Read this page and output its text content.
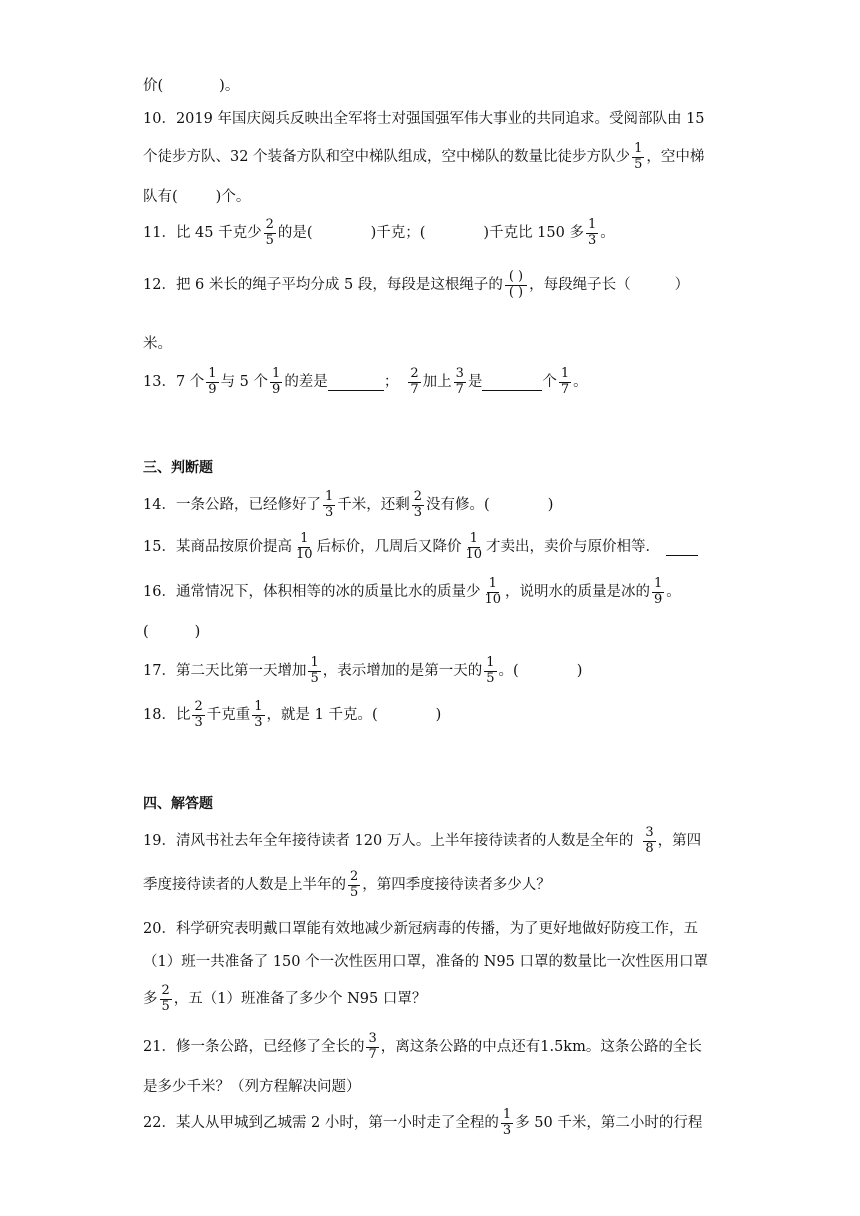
价(	)。
10．2019 年国庆阅兵反映出全军将士对强国强军伟大事业的共同追求。受阅部队由 15
个徒步方队、32 个装备方队和空中梯队组成，空中梯队的数量比徒步方队少 $\frac{1}{5}$ ，空中梯
队有(	)个。
11．比 45 千克少 $\frac{2}{5}$ 的是(	)千克；(	)千克比 150 多 $\frac{1}{3}$ 。
12．把 6 米长的绳子平均分成 5 段，每段是这根绳子的 $\frac{( )}{( )}$ ，每段绳子长（	）
米。
13．7 个 $\frac{1}{9}$ 与 5 个 $\frac{1}{9}$ 的差是	； $\frac{2}{7}$ 加上 $\frac{3}{7}$ 是	个 $\frac{1}{7}$ 。
三、判断题
14．一条公路，已经修好了 $\frac{1}{3}$ 千米，还剩 $\frac{2}{3}$ 没有修。(	)
15．某商品按原价提高 $\frac{1}{10}$ 后标价，几周后又降价 $\frac{1}{10}$ 才卖出，卖价与原价相等．
16．通常情况下，体积相等的冰的质量比水的质量少 $\frac{1}{10}$ ，说明水的质量是冰的 $\frac{1}{9}$ 。
(	)
17．第二天比第一天增加 $\frac{1}{5}$ ，表示增加的是第一天的 $\frac{1}{5}$ 。(	)
18．比 $\frac{2}{3}$ 千克重 $\frac{1}{3}$ ，就是 1 千克。(	)
四、解答题
19．清风书社去年全年接待读者 120 万人。上半年接待读者的人数是全年的 $\frac{3}{8}$ ，第四
季度接待读者的人数是上半年的 $\frac{2}{5}$ ，第四季度接待读者多少人？
20．科学研究表明戴口罩能有效地减少新冠病毒的传播，为了更好地做好防疫工作，五
（1）班一共准备了 150 个一次性医用口罩，准备的 N95 口罩的数量比一次性医用口罩
多 $\frac{2}{5}$ ，五（1）班准备了多少个 N95 口罩？
21．修一条公路，已经修了全长的 $\frac{3}{7}$ ，离这条公路的中点还有1.5km。这条公路的全长
是多少千米？（列方程解决问题）
22．某人从甲城到乙城需 2 小时，第一小时走了全程的 $\frac{1}{3}$ 多 50 千米，第二小时的行程
